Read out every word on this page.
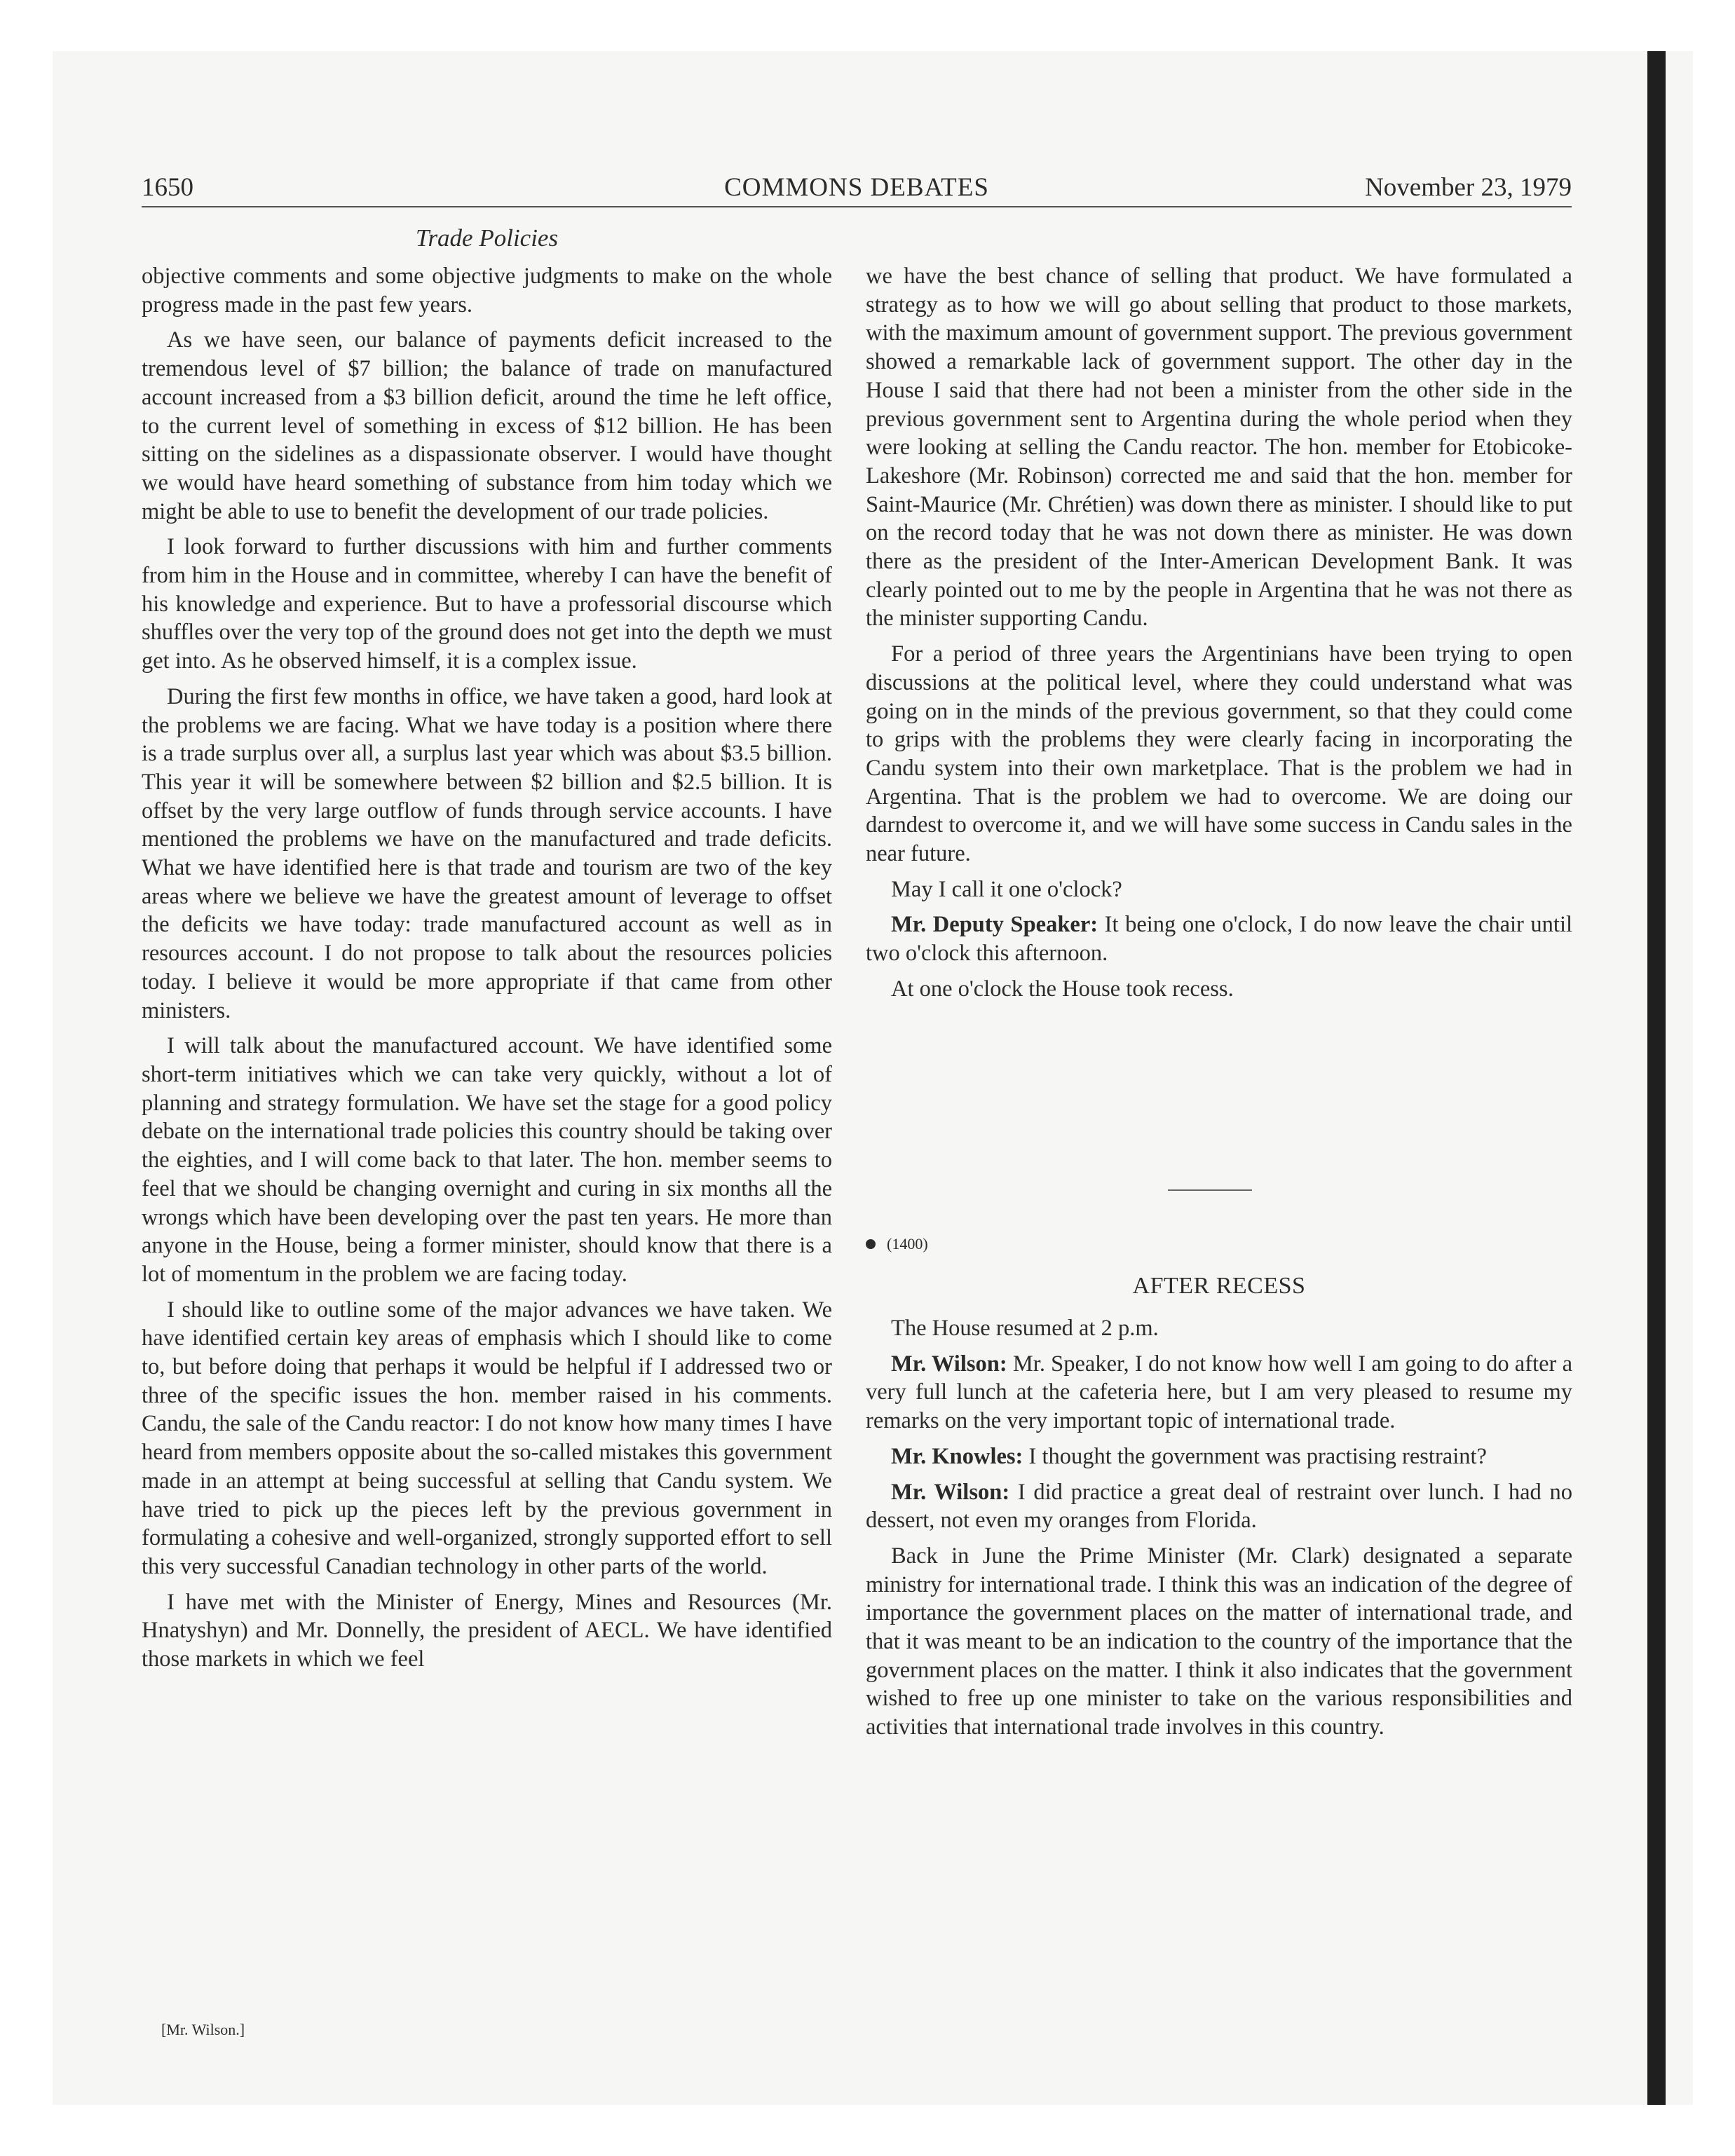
1650	COMMONS DEBATES	November 23, 1979
Trade Policies

objective comments and some objective judgments to make on the whole progress made in the past few years.

As we have seen, our balance of payments deficit increased to the tremendous level of $7 billion; the balance of trade on manufactured account increased from a $3 billion deficit, around the time he left office, to the current level of something in excess of $12 billion. He has been sitting on the sidelines as a dispassionate observer. I would have thought we would have heard something of substance from him today which we might be able to use to benefit the development of our trade policies.

I look forward to further discussions with him and further comments from him in the House and in committee, whereby I can have the benefit of his knowledge and experience. But to have a professorial discourse which shuffles over the very top of the ground does not get into the depth we must get into. As he observed himself, it is a complex issue.

During the first few months in office, we have taken a good, hard look at the problems we are facing. What we have today is a position where there is a trade surplus over all, a surplus last year which was about $3.5 billion. This year it will be somewhere between $2 billion and $2.5 billion. It is offset by the very large outflow of funds through service accounts. I have mentioned the problems we have on the manufactured and trade deficits. What we have identified here is that trade and tourism are two of the key areas where we believe we have the greatest amount of leverage to offset the deficits we have today: trade manufactured account as well as in resources account. I do not propose to talk about the resources policies today. I believe it would be more appropriate if that came from other ministers.

I will talk about the manufactured account. We have identified some short-term initiatives which we can take very quickly, without a lot of planning and strategy formulation. We have set the stage for a good policy debate on the international trade policies this country should be taking over the eighties, and I will come back to that later. The hon. member seems to feel that we should be changing overnight and curing in six months all the wrongs which have been developing over the past ten years. He more than anyone in the House, being a former minister, should know that there is a lot of momentum in the problem we are facing today.

I should like to outline some of the major advances we have taken. We have identified certain key areas of emphasis which I should like to come to, but before doing that perhaps it would be helpful if I addressed two or three of the specific issues the hon. member raised in his comments. Candu, the sale of the Candu reactor: I do not know how many times I have heard from members opposite about the so-called mistakes this government made in an attempt at being successful at selling that Candu system. We have tried to pick up the pieces left by the previous government in formulating a cohesive and well-organized, strongly supported effort to sell this very successful Canadian technology in other parts of the world.

I have met with the Minister of Energy, Mines and Resources (Mr. Hnatyshyn) and Mr. Donnelly, the president of AECL. We have identified those markets in which we feel

[Mr. Wilson.]

we have the best chance of selling that product. We have formulated a strategy as to how we will go about selling that product to those markets, with the maximum amount of government support. The previous government showed a remarkable lack of government support. The other day in the House I said that there had not been a minister from the other side in the previous government sent to Argentina during the whole period when they were looking at selling the Candu reactor. The hon. member for Etobicoke-Lakeshore (Mr. Robinson) corrected me and said that the hon. member for Saint-Maurice (Mr. Chrétien) was down there as minister. I should like to put on the record today that he was not down there as minister. He was down there as the president of the Inter-American Development Bank. It was clearly pointed out to me by the people in Argentina that he was not there as the minister supporting Candu.

For a period of three years the Argentinians have been trying to open discussions at the political level, where they could understand what was going on in the minds of the previous government, so that they could come to grips with the problems they were clearly facing in incorporating the Candu system into their own marketplace. That is the problem we had in Argentina. That is the problem we had to overcome. We are doing our darndest to overcome it, and we will have some success in Candu sales in the near future.

May I call it one o'clock?

Mr. Deputy Speaker: It being one o'clock, I do now leave the chair until two o'clock this afternoon.

At one o'clock the House took recess.

(1400)
AFTER RECESS

The House resumed at 2 p.m.

Mr. Wilson: Mr. Speaker, I do not know how well I am going to do after a very full lunch at the cafeteria here, but I am very pleased to resume my remarks on the very important topic of international trade.

Mr. Knowles: I thought the government was practising restraint?

Mr. Wilson: I did practice a great deal of restraint over lunch. I had no dessert, not even my oranges from Florida.

Back in June the Prime Minister (Mr. Clark) designated a separate ministry for international trade. I think this was an indication of the degree of importance the government places on the matter of international trade, and that it was meant to be an indication to the country of the importance that the government places on the matter. I think it also indicates that the government wished to free up one minister to take on the various responsibilities and activities that international trade involves in this country.
